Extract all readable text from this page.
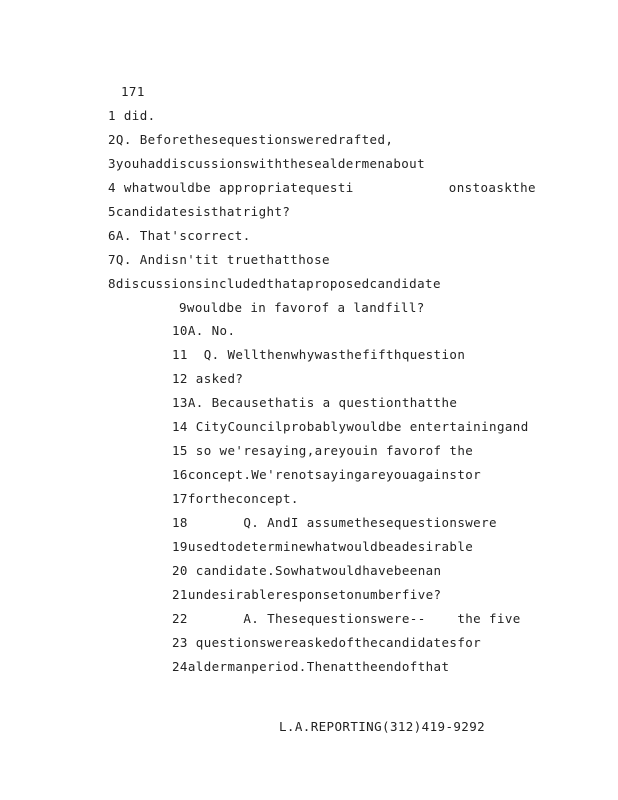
171
1 did.
2Q. Beforethesequestionsweredrafted,
3youhaddiscussionswiththesealdermenabout
4 whatwouldbe appropriatequesti            onstoaskthe
5candidatesisthatright?
6A. That'scorrect.
7Q. Andisn'tit truethatthose
8discussionsincludedthataproposedcandidate
9wouldbe in favorof a landfill?
10A. No.
11  Q. Wellthenwhywasthefifthquestion
12 asked?
13A. Becausethatis a questionthatthe
14 CityCouncilprobablywouldbe entertainingand
15 so we'resaying,areyouin favorof the
16concept.We'renotsayingareyouagainstor
17fortheconcept.
18       Q. AndI assumethesequestionswere
19usedtodeterminewhatwouldbeadesirable
20 candidate.Sowhatwouldhavebeenan
21undesirableresponsetonumberfive?
22       A. Thesequestionswere--    the five
23 questionswereaskedofthecandidatesfor
24aldermanperiod.Thenattheendofthat
L.A.REPORTING(312)419-9292
